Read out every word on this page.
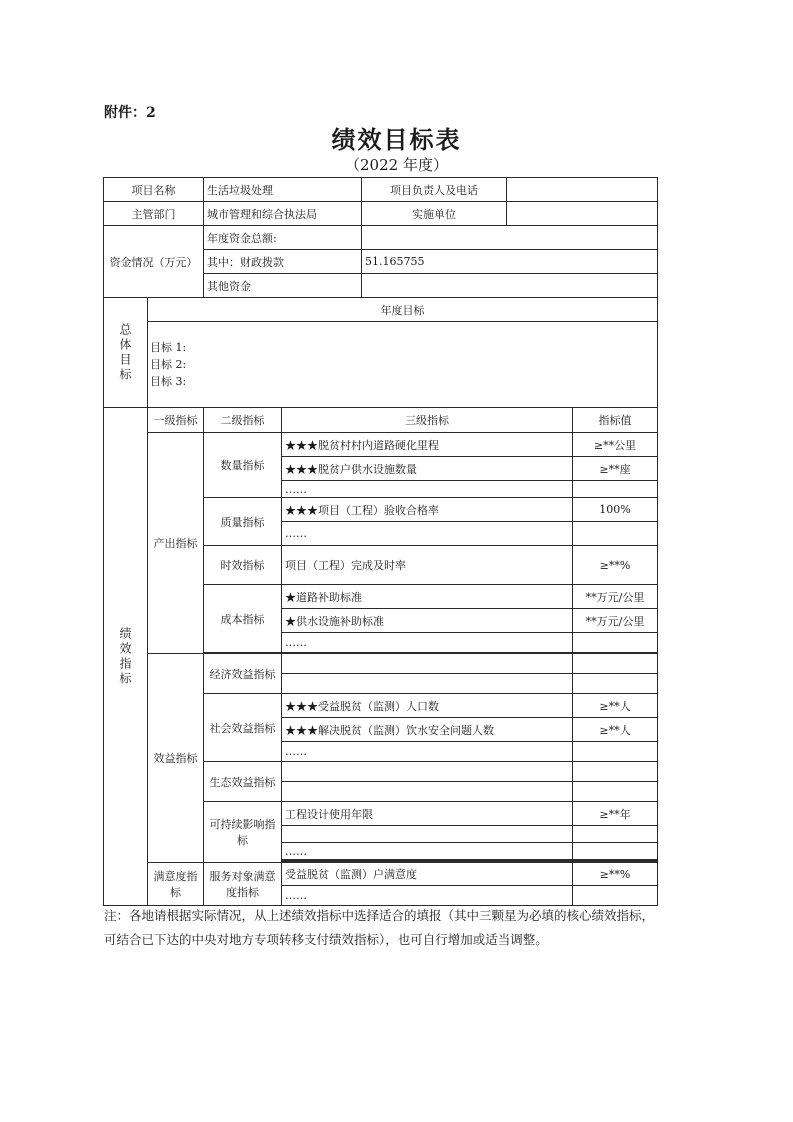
附件：2
绩效目标表
（2022 年度）
项目名称		生活垃圾处理		项目负责人及电话		
主管部门		城市管理和综合执法局		实施单位		
资金情况（万元）		年度资金总额:				
		其中：财政拨款		51.165755		
		其他资金				

总体目标	年度目标					

	目标 1:
目标 2:
目标 3:					

绩效指标	一级指标	二级指标	三级指标			指标值
	产出指标	数量指标	★★★脱贫村村内道路硬化里程			≥**公里
			★★★脱贫户供水设施数量			≥**座
			……			
		质量指标	★★★项目（工程）验收合格率			100%
			……			
		时效指标	项目（工程）完成及时率			≥**%
		成本指标	★道路补助标准			**万元/公里
			★供水设施补助标准			**万元/公里
			……			

	效益指标	经济效益指标				

		社会效益指标	★★★受益脱贫（监测）人口数			≥**人
			★★★解决脱贫（监测）饮水安全问题人数			≥**人
			……			
		生态效益指标				

		可持续影响指标	工程设计使用年限			≥**年

			……			

	满意度指标	服务对象满意度指标	受益脱贫（监测）户满意度			≥**%
			……			
注：各地请根据实际情况，从上述绩效指标中选择适合的填报（其中三颗星为必填的核心绩效指标，可结合已下达的中央对地方专项转移支付绩效指标），也可自行增加或适当调整。
